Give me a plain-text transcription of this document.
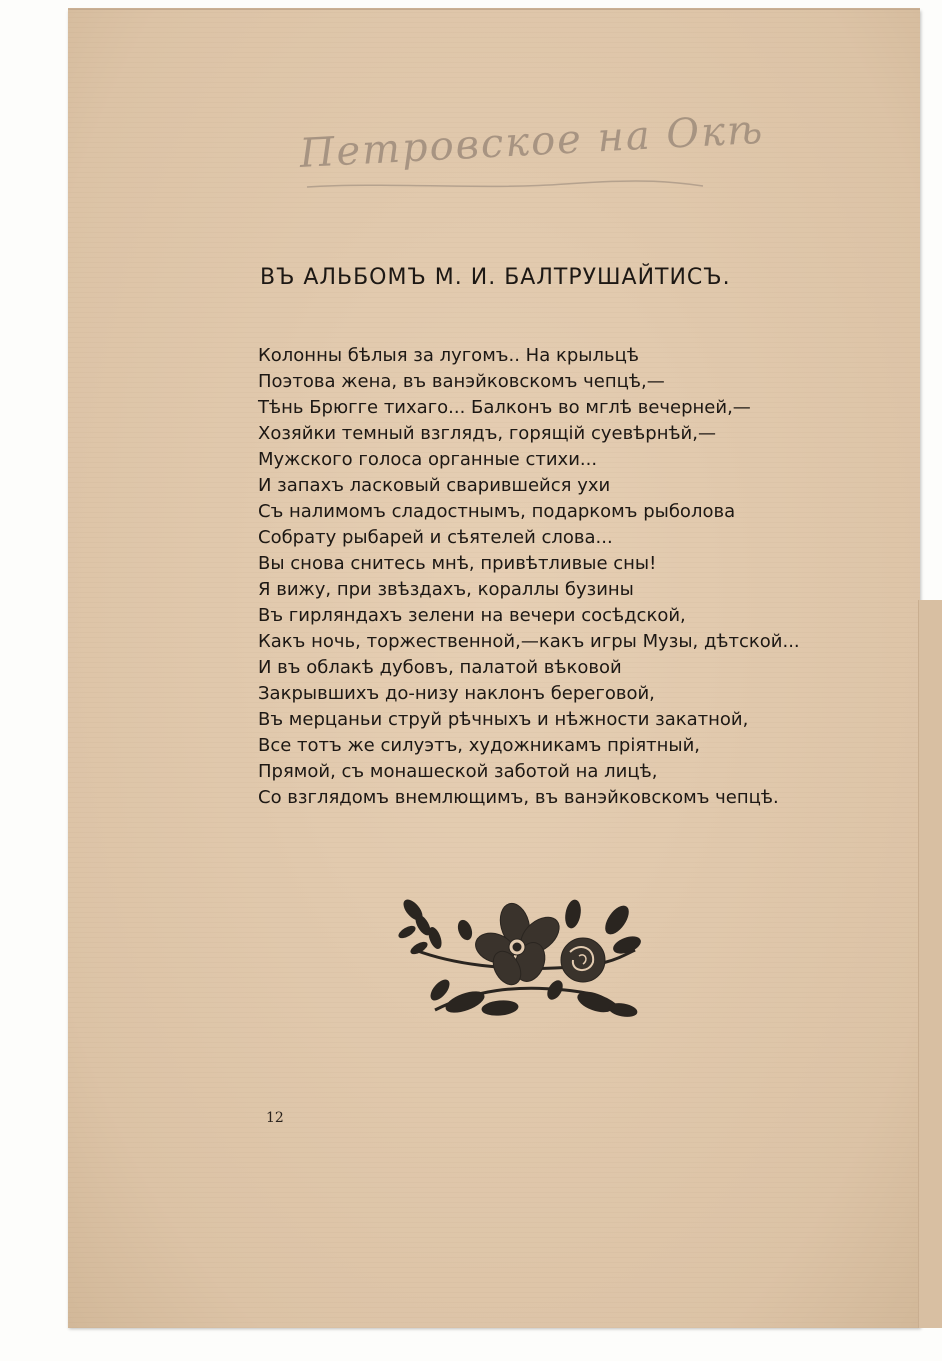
Петровское на Окѣ
ВЪ АЛЬБОМЪ М. И. БАЛТРУШАЙТИСЪ.
Колонны бѣлыя за лугомъ.. На крыльцѣ
Поэтова жена, въ ванэйковскомъ чепцѣ,—
Тѣнь Брюгге тихаго... Балконъ во мглѣ вечерней,—
Хозяйки темный взглядъ, горящій суевѣрнѣй,—
Мужского голоса органные стихи...
И запахъ ласковый сварившейся ухи
Съ налимомъ сладостнымъ, подаркомъ рыболова
Собрату рыбарей и сѣятелей слова...
Вы снова снитесь мнѣ, привѣтливые сны!
Я вижу, при звѣздахъ, кораллы бузины
Въ гирляндахъ зелени на вечери сосѣдской,
Какъ ночь, торжественной,—какъ игры Музы, дѣтской...
И въ облакѣ дубовъ, палатой вѣковой
Закрывшихъ до-низу наклонъ береговой,
Въ мерцаньи струй рѣчныхъ и нѣжности закатной,
Все тотъ же силуэтъ, художникамъ пріятный,
Прямой, съ монашеской заботой на лицѣ,
Со взглядомъ внемлющимъ, въ ванэйковскомъ чепцѣ.
12
